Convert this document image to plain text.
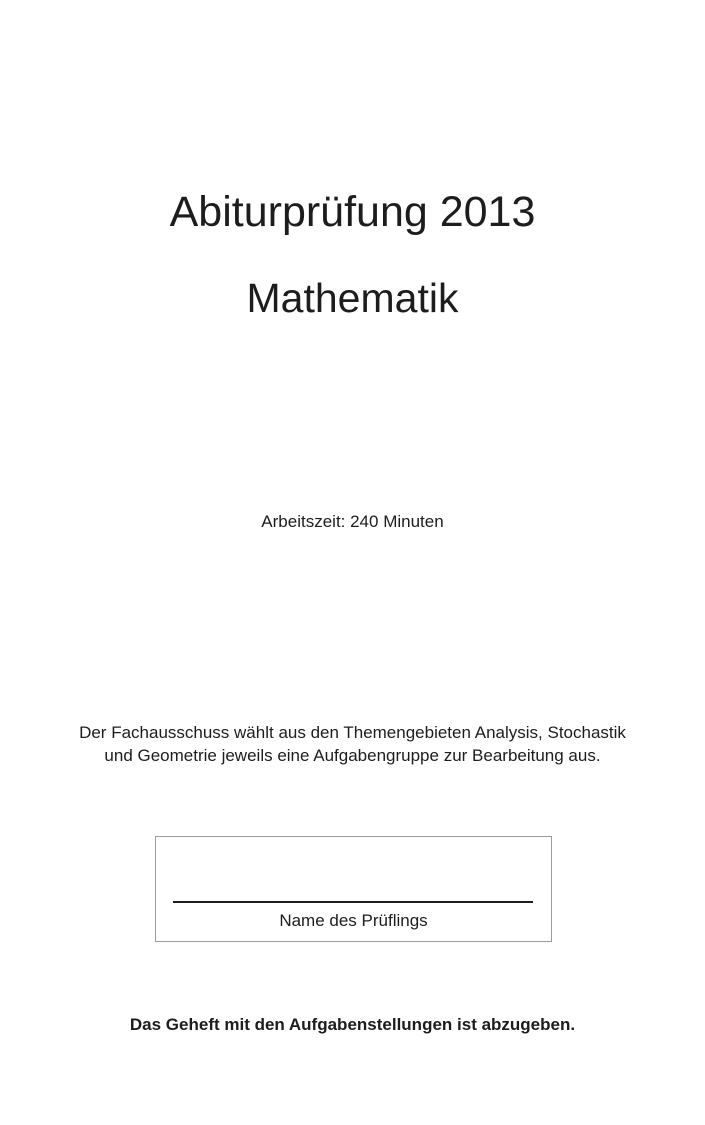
Abiturprüfung 2013
Mathematik

Arbeitszeit: 240 Minuten

Der Fachausschuss wählt aus den Themengebieten Analysis, Stochastik und Geometrie jeweils eine Aufgabengruppe zur Bearbeitung aus.

Name des Prüflings

Das Geheft mit den Aufgabenstellungen ist abzugeben.
